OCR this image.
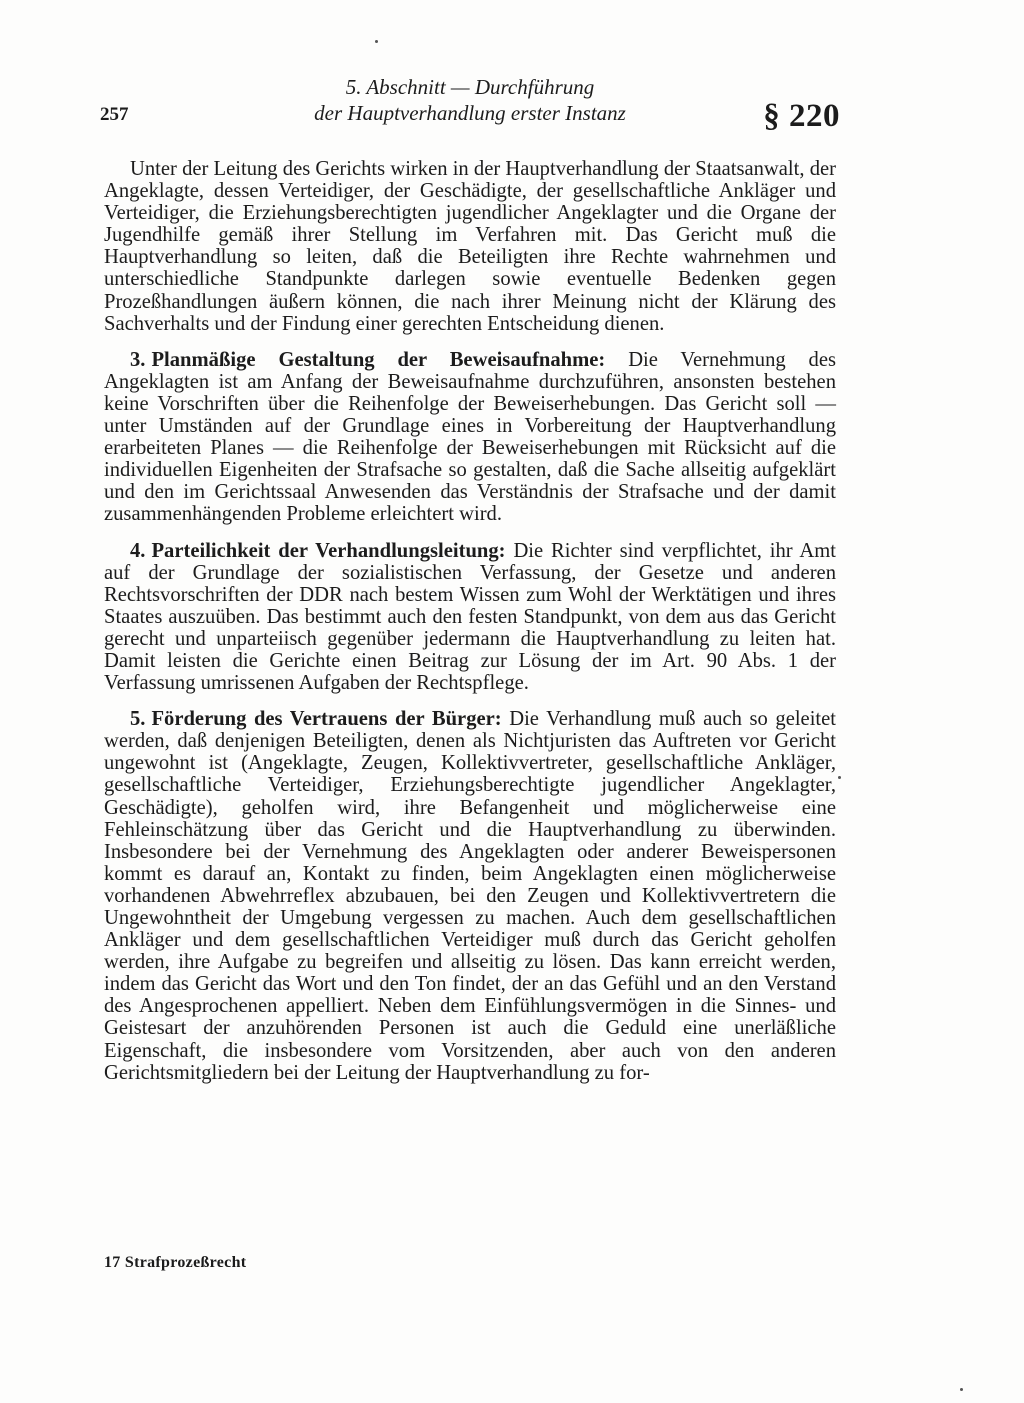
257
5. Abschnitt — Durchführung
der Hauptverhandlung erster Instanz	§ 220

Unter der Leitung des Gerichts wirken in der Hauptverhandlung der Staatsanwalt, der Angeklagte, dessen Verteidiger, der Geschädigte, der gesellschaftliche Ankläger und Verteidiger, die Erziehungsberechtigten jugendlicher Angeklagter und die Organe der Jugendhilfe gemäß ihrer Stellung im Verfahren mit. Das Gericht muß die Hauptverhandlung so leiten, daß die Beteiligten ihre Rechte wahrnehmen und unterschiedliche Standpunkte darlegen sowie eventuelle Bedenken gegen Prozeßhandlungen äußern können, die nach ihrer Meinung nicht der Klärung des Sachverhalts und der Findung einer gerechten Entscheidung dienen.

3. Planmäßige Gestaltung der Beweisaufnahme: Die Vernehmung des Angeklagten ist am Anfang der Beweisaufnahme durchzuführen, ansonsten bestehen keine Vorschriften über die Reihenfolge der Beweiserhebungen. Das Gericht soll — unter Umständen auf der Grundlage eines in Vorbereitung der Hauptverhandlung erarbeiteten Planes — die Reihenfolge der Beweiserhebungen mit Rücksicht auf die individuellen Eigenheiten der Strafsache so gestalten, daß die Sache allseitig aufgeklärt und den im Gerichtssaal Anwesenden das Verständnis der Strafsache und der damit zusammenhängenden Probleme erleichtert wird.

4. Parteilichkeit der Verhandlungsleitung: Die Richter sind verpflichtet, ihr Amt auf der Grundlage der sozialistischen Verfassung, der Gesetze und anderen Rechtsvorschriften der DDR nach bestem Wissen zum Wohl der Werktätigen und ihres Staates auszuüben. Das bestimmt auch den festen Standpunkt, von dem aus das Gericht gerecht und unparteiisch gegenüber jedermann die Hauptverhandlung zu leiten hat. Damit leisten die Gerichte einen Beitrag zur Lösung der im Art. 90 Abs. 1 der Verfassung umrissenen Aufgaben der Rechtspflege.

5. Förderung des Vertrauens der Bürger: Die Verhandlung muß auch so geleitet werden, daß denjenigen Beteiligten, denen als Nichtjuristen das Auftreten vor Gericht ungewohnt ist (Angeklagte, Zeugen, Kollektivvertreter, gesellschaftliche Ankläger, gesellschaftliche Verteidiger, Erziehungsberechtigte jugendlicher Angeklagter, Geschädigte), geholfen wird, ihre Befangenheit und möglicherweise eine Fehleinschätzung über das Gericht und die Hauptverhandlung zu überwinden. Insbesondere bei der Vernehmung des Angeklagten oder anderer Beweispersonen kommt es darauf an, Kontakt zu finden, beim Angeklagten einen möglicherweise vorhandenen Abwehrreflex abzubauen, bei den Zeugen und Kollektivvertretern die Ungewohntheit der Umgebung vergessen zu machen. Auch dem gesellschaftlichen Ankläger und dem gesellschaftlichen Verteidiger muß durch das Gericht geholfen werden, ihre Aufgabe zu begreifen und allseitig zu lösen. Das kann erreicht werden, indem das Gericht das Wort und den Ton findet, der an das Gefühl und an den Verstand des Angesprochenen appelliert. Neben dem Einfühlungsvermögen in die Sinnes- und Geistesart der anzuhörenden Personen ist auch die Geduld eine unerläßliche Eigenschaft, die insbesondere vom Vorsitzenden, aber auch von den anderen Gerichtsmitgliedern bei der Leitung der Hauptverhandlung zu for-

17 Strafprozeßrecht
